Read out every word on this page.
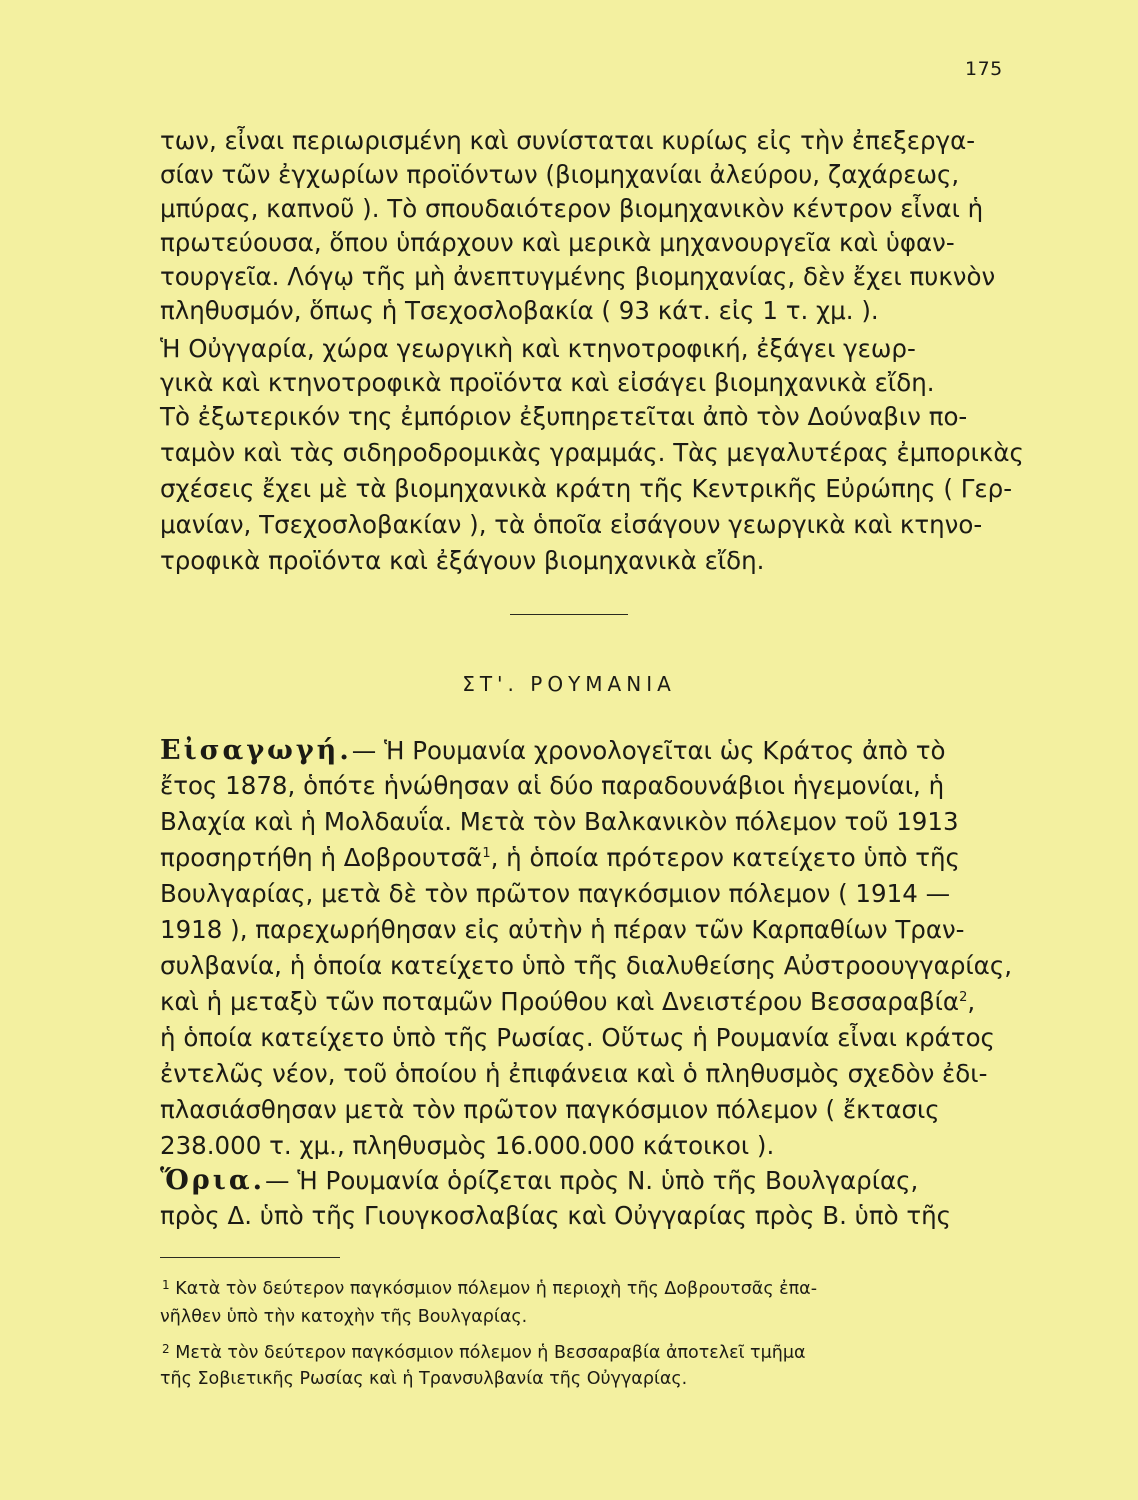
175
των, εἶναι περιωρισμένη καὶ συνίσταται κυρίως εἰς τὴν ἐπεξεργα-
σίαν τῶν ἐγχωρίων προϊόντων (βιομηχανίαι ἀλεύρου, ζαχάρεως,
μπύρας, καπνοῦ ). Τὸ σπουδαιότερον βιομηχανικὸν κέντρον εἶναι ἡ
πρωτεύουσα, ὅπου ὑπάρχουν καὶ μερικὰ μηχανουργεῖα καὶ ὑφαν-
τουργεῖα. Λόγῳ τῆς μὴ ἀνεπτυγμένης βιομηχανίας, δὲν ἔχει πυκνὸν
πληθυσμόν, ὅπως ἡ Τσεχοσλοβακία ( 93 κάτ. εἰς 1 τ. χμ. ).
Ἡ Οὐγγαρία, χώρα γεωργικὴ καὶ κτηνοτροφική, ἐξάγει γεωρ-
γικὰ καὶ κτηνοτροφικὰ προϊόντα καὶ εἰσάγει βιομηχανικὰ εἴδη.
Τὸ ἐξωτερικόν της ἐμπόριον ἐξυπηρετεῖται ἀπὸ τὸν Δούναβιν πο-
ταμὸν καὶ τὰς σιδηροδρομικὰς γραμμάς. Τὰς μεγαλυτέρας ἐμπορικὰς
σχέσεις ἔχει μὲ τὰ βιομηχανικὰ κράτη τῆς Κεντρικῆς Εὐρώπης ( Γερ-
μανίαν, Τσεχοσλοβακίαν ), τὰ ὁποῖα εἰσάγουν γεωργικὰ καὶ κτηνο-
τροφικὰ προϊόντα καὶ ἐξάγουν βιομηχανικὰ εἴδη.
ΣΤ'. ΡΟΥΜΑΝΙΑ
Εἰσαγωγή.— Ἡ Ρουμανία χρονολογεῖται ὡς Κράτος ἀπὸ τὸ
ἔτος 1878, ὁπότε ἡνώθησαν αἱ δύο παραδουνάβιοι ἡγεμονίαι, ἡ
Βλαχία καὶ ἡ Μολδαυΐα. Μετὰ τὸν Βαλκανικὸν πόλεμον τοῦ 1913
προσηρτήθη ἡ Δοβρουτσᾶ$^1$, ἡ ὁποία πρότερον κατείχετο ὑπὸ τῆς
Βουλγαρίας, μετὰ δὲ τὸν πρῶτον παγκόσμιον πόλεμον ( 1914 —
1918 ), παρεχωρήθησαν εἰς αὐτὴν ἡ πέραν τῶν Καρπαθίων Τραν-
συλβανία, ἡ ὁποία κατείχετο ὑπὸ τῆς διαλυθείσης Αὐστροουγγαρίας,
καὶ ἡ μεταξὺ τῶν ποταμῶν Προύθου καὶ Δνειστέρου Βεσσαραβία$^2$,
ἡ ὁποία κατείχετο ὑπὸ τῆς Ρωσίας. Οὕτως ἡ Ρουμανία εἶναι κράτος
ἐντελῶς νέον, τοῦ ὁποίου ἡ ἐπιφάνεια καὶ ὁ πληθυσμὸς σχεδὸν ἐδι-
πλασιάσθησαν μετὰ τὸν πρῶτον παγκόσμιον πόλεμον ( ἔκτασις
238.000 τ. χμ., πληθυσμὸς 16.000.000 κάτοικοι ).
Ὅρια.— Ἡ Ρουμανία ὁρίζεται πρὸς Ν. ὑπὸ τῆς Βουλγαρίας,
πρὸς Δ. ὑπὸ τῆς Γιουγκοσλαβίας καὶ Οὐγγαρίας πρὸς Β. ὑπὸ τῆς
$^1$ Κατὰ τὸν δεύτερον παγκόσμιον πόλεμον ἡ περιοχὴ τῆς Δοβρουτσᾶς ἐπα-
νῆλθεν ὑπὸ τὴν κατοχὴν τῆς Βουλγαρίας.
$^2$ Μετὰ τὸν δεύτερον παγκόσμιον πόλεμον ἡ Βεσσαραβία ἀποτελεῖ τμῆμα
τῆς Σοβιετικῆς Ρωσίας καὶ ἡ Τρανσυλβανία τῆς Οὐγγαρίας.
